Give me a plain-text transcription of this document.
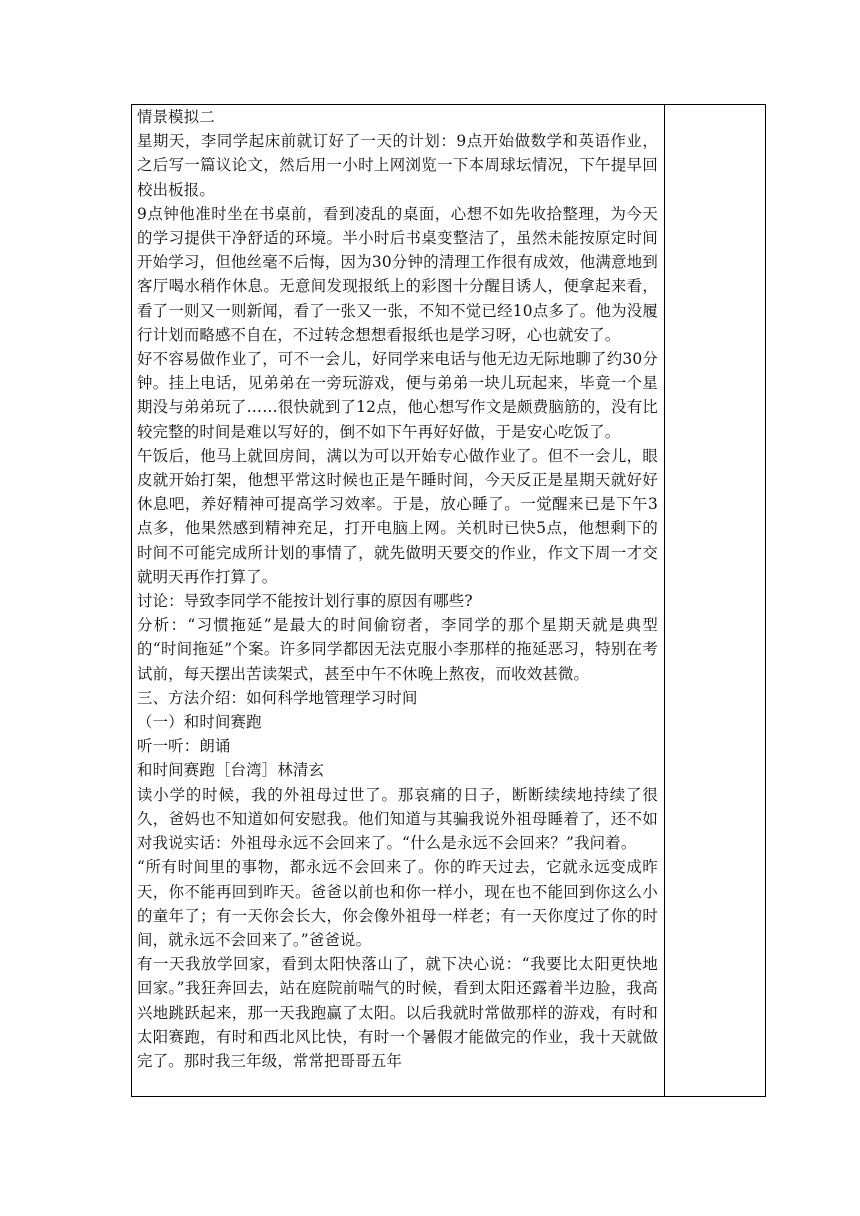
情景模拟二

星期天，李同学起床前就订好了一天的计划：9点开始做数学和英语作业，之后写一篇议论文，然后用一小时上网浏览一下本周球坛情况，下午提早回校出板报。

9点钟他准时坐在书桌前，看到凌乱的桌面，心想不如先收拾整理，为今天的学习提供干净舒适的环境。半小时后书桌变整洁了，虽然未能按原定时间开始学习，但他丝毫不后悔，因为30分钟的清理工作很有成效，他满意地到客厅喝水稍作休息。无意间发现报纸上的彩图十分醒目诱人，便拿起来看，看了一则又一则新闻，看了一张又一张，不知不觉已经10点多了。他为没履行计划而略感不自在，不过转念想想看报纸也是学习呀，心也就安了。

好不容易做作业了，可不一会儿，好同学来电话与他无边无际地聊了约30分钟。挂上电话，见弟弟在一旁玩游戏，便与弟弟一块儿玩起来，毕竟一个星期没与弟弟玩了……很快就到了12点，他心想写作文是颇费脑筋的，没有比较完整的时间是难以写好的，倒不如下午再好好做，于是安心吃饭了。

午饭后，他马上就回房间，满以为可以开始专心做作业了。但不一会儿，眼皮就开始打架，他想平常这时候也正是午睡时间，今天反正是星期天就好好休息吧，养好精神可提高学习效率。于是，放心睡了。一觉醒来已是下午3点多，他果然感到精神充足，打开电脑上网。关机时已快5点，他想剩下的时间不可能完成所计划的事情了，就先做明天要交的作业，作文下周一才交就明天再作打算了。

讨论：导致李同学不能按计划行事的原因有哪些?

分析：“习惯拖延”是最大的时间偷窃者，李同学的那个星期天就是典型的“时间拖延”个案。许多同学都因无法克服小李那样的拖延恶习，特别在考试前，每天摆出苦读架式，甚至中午不休晚上熬夜，而收效甚微。

三、方法介绍：如何科学地管理学习时间

（一）和时间赛跑

听一听：朗诵

和时间赛跑［台湾］林清玄

读小学的时候，我的外祖母过世了。那哀痛的日子，断断续续地持续了很久，爸妈也不知道如何安慰我。他们知道与其骗我说外祖母睡着了，还不如对我说实话：外祖母永远不会回来了。“什么是永远不会回来？”我问着。

“所有时间里的事物，都永远不会回来了。你的昨天过去，它就永远变成昨天，你不能再回到昨天。爸爸以前也和你一样小，现在也不能回到你这么小的童年了；有一天你会长大，你会像外祖母一样老；有一天你度过了你的时间，就永远不会回来了。”爸爸说。

有一天我放学回家，看到太阳快落山了，就下决心说：“我要比太阳更快地回家。”我狂奔回去，站在庭院前喘气的时候，看到太阳还露着半边脸，我高兴地跳跃起来，那一天我跑赢了太阳。以后我就时常做那样的游戏，有时和太阳赛跑，有时和西北风比快，有时一个暑假才能做完的作业，我十天就做完了。那时我三年级，常常把哥哥五年
